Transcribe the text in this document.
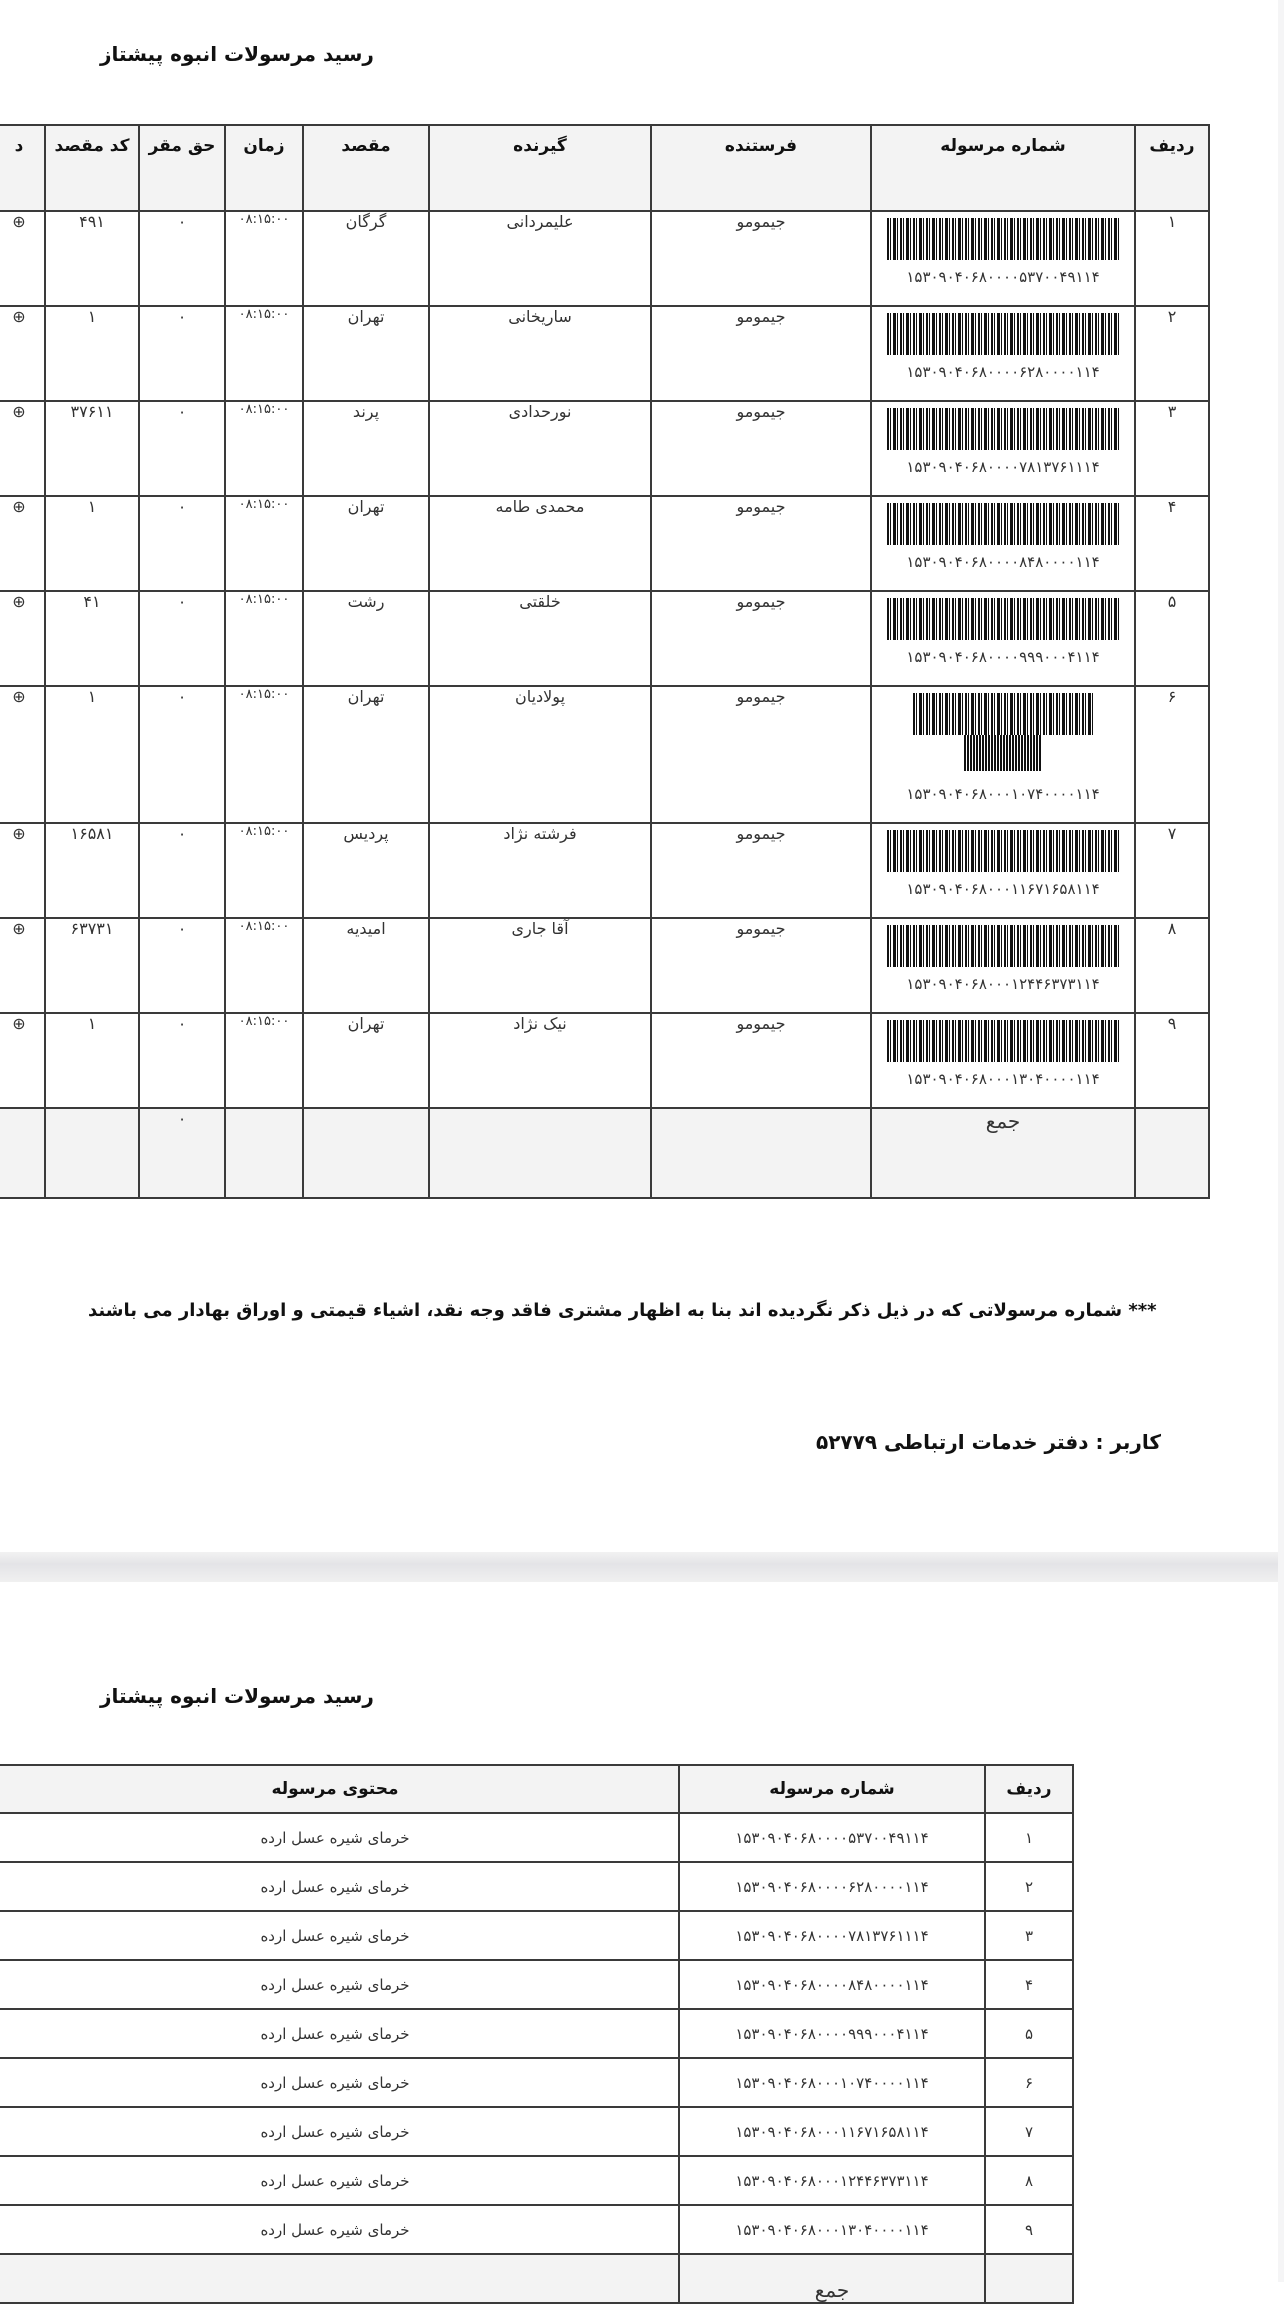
رسید مرسولات انبوه پیشتاز
ردیف	شماره مرسوله	فرستنده	گیرنده	مقصد	زمان	حق مقر	کد مقصد	د
۱	۱۵۳۰۹۰۴۰۶۸۰۰۰۰۵۳۷۰۰۴۹۱۱۴	جیمومو	علیمردانی	گرگان	۰۸:۱۵:۰۰	۰	۴۹۱	⊕
۲	۱۵۳۰۹۰۴۰۶۸۰۰۰۰۶۲۸۰۰۰۰۱۱۴	جیمومو	ساریخانی	تهران	۰۸:۱۵:۰۰	۰	۱	⊕
۳	۱۵۳۰۹۰۴۰۶۸۰۰۰۰۷۸۱۳۷۶۱۱۱۴	جیمومو	نورحدادی	پرند	۰۸:۱۵:۰۰	۰	۳۷۶۱۱	⊕
۴	۱۵۳۰۹۰۴۰۶۸۰۰۰۰۸۴۸۰۰۰۰۱۱۴	جیمومو	محمدی طامه	تهران	۰۸:۱۵:۰۰	۰	۱	⊕
۵	۱۵۳۰۹۰۴۰۶۸۰۰۰۰۹۹۹۰۰۰۴۱۱۴	جیمومو	خلقتی	رشت	۰۸:۱۵:۰۰	۰	۴۱	⊕
۶	۱۵۳۰۹۰۴۰۶۸۰۰۰۱۰۷۴۰۰۰۰۱۱۴	جیمومو	پولادیان	تهران	۰۸:۱۵:۰۰	۰	۱	⊕
۷	۱۵۳۰۹۰۴۰۶۸۰۰۰۱۱۶۷۱۶۵۸۱۱۴	جیمومو	فرشته نژاد	پردیس	۰۸:۱۵:۰۰	۰	۱۶۵۸۱	⊕
۸	۱۵۳۰۹۰۴۰۶۸۰۰۰۱۲۴۴۶۳۷۳۱۱۴	جیمومو	آقا جاری	امیدیه	۰۸:۱۵:۰۰	۰	۶۳۷۳۱	⊕
۹	۱۵۳۰۹۰۴۰۶۸۰۰۰۱۳۰۴۰۰۰۰۱۱۴	جیمومو	نیک نژاد	تهران	۰۸:۱۵:۰۰	۰	۱	⊕
	جمع					۰		
*** شماره مرسولاتی که در ذیل ذکر نگردیده اند بنا به اظهار مشتری فاقد وجه نقد، اشیاء قیمتی و اوراق بهادار می باشند
کاربر : دفتر خدمات ارتباطی ۵۲۷۷۹
رسید مرسولات انبوه پیشتاز
ردیف	شماره مرسوله	محتوی مرسوله
۱	۱۵۳۰۹۰۴۰۶۸۰۰۰۰۵۳۷۰۰۴۹۱۱۴	خرمای شیره عسل ارده
۲	۱۵۳۰۹۰۴۰۶۸۰۰۰۰۶۲۸۰۰۰۰۱۱۴	خرمای شیره عسل ارده
۳	۱۵۳۰۹۰۴۰۶۸۰۰۰۰۷۸۱۳۷۶۱۱۱۴	خرمای شیره عسل ارده
۴	۱۵۳۰۹۰۴۰۶۸۰۰۰۰۸۴۸۰۰۰۰۱۱۴	خرمای شیره عسل ارده
۵	۱۵۳۰۹۰۴۰۶۸۰۰۰۰۹۹۹۰۰۰۴۱۱۴	خرمای شیره عسل ارده
۶	۱۵۳۰۹۰۴۰۶۸۰۰۰۱۰۷۴۰۰۰۰۱۱۴	خرمای شیره عسل ارده
۷	۱۵۳۰۹۰۴۰۶۸۰۰۰۱۱۶۷۱۶۵۸۱۱۴	خرمای شیره عسل ارده
۸	۱۵۳۰۹۰۴۰۶۸۰۰۰۱۲۴۴۶۳۷۳۱۱۴	خرمای شیره عسل ارده
۹	۱۵۳۰۹۰۴۰۶۸۰۰۰۱۳۰۴۰۰۰۰۱۱۴	خرمای شیره عسل ارده
	جمع	
